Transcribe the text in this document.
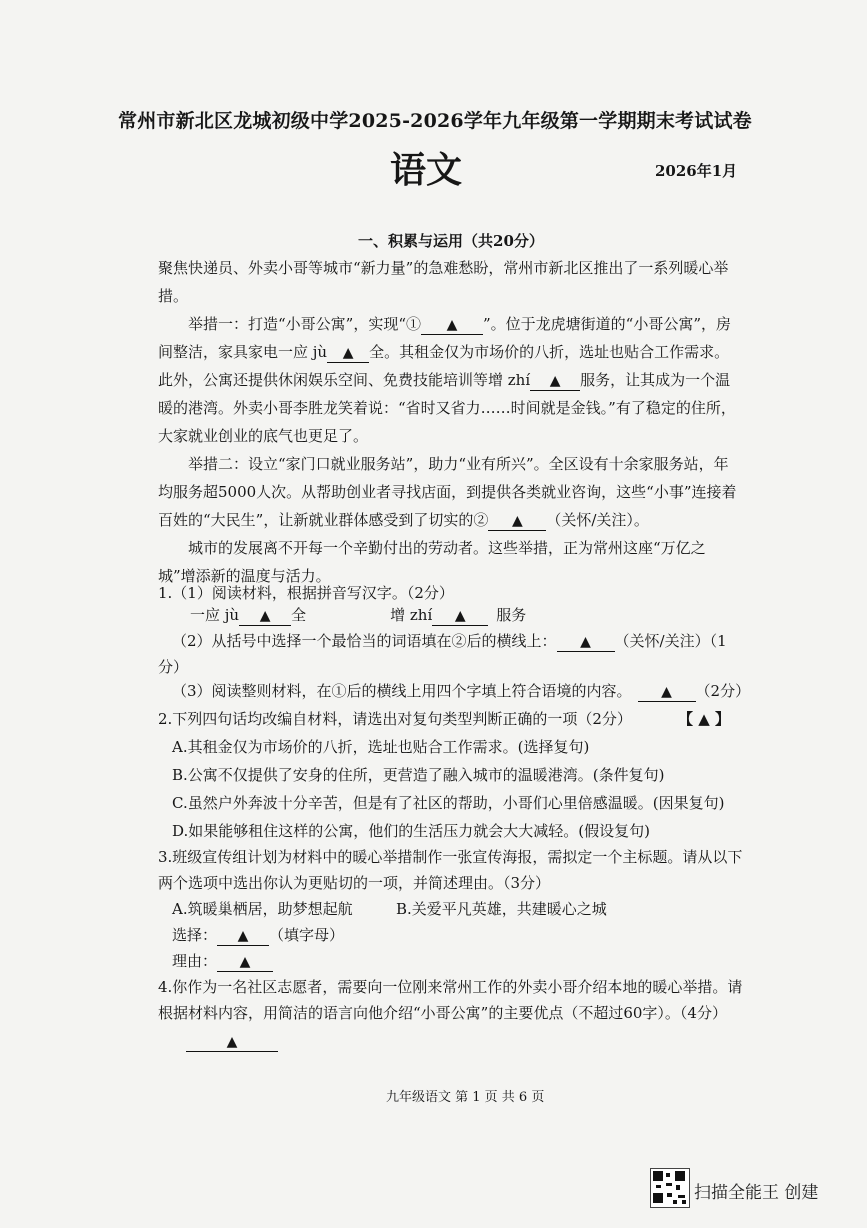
常州市新北区龙城初级中学2025-2026学年九年级第一学期期末考试试卷
语文	2026年1月
一、积累与运用（共20分）
聚焦快递员、外卖小哥等城市“新力量”的急难愁盼，常州市新北区推出了一系列暖心举措。
举措一：打造“小哥公寓”，实现“① ▲ ”。位于龙虎塘街道的“小哥公寓”，房间整洁，家具家电一应 jù ▲ 全。其租金仅为市场价的八折，选址也贴合工作需求。此外，公寓还提供休闲娱乐空间、免费技能培训等增 zhí ▲ 服务，让其成为一个温暖的港湾。外卖小哥李胜龙笑着说：“省时又省力……时间就是金钱。”有了稳定的住所，大家就业创业的底气也更足了。
举措二：设立“家门口就业服务站”，助力“业有所兴”。全区设有十余家服务站，年均服务超5000人次。从帮助创业者寻找店面，到提供各类就业咨询，这些“小事”连接着百姓的“大民生”，让新就业群体感受到了切实的② ▲ （关怀/关注）。
城市的发展离不开每一个辛勤付出的劳动者。这些举措，正为常州这座“万亿之城”增添新的温度与活力。
1.（1）阅读材料，根据拼音写汉字。（2分）
一应 jù ▲ 全	增 zhí ▲ 服务
（2）从括号中选择一个最恰当的词语填在②后的横线上： ▲ （关怀/关注）（1
分）
（3）阅读整则材料，在①后的横线上用四个字填上符合语境的内容。 ▲ （2分）
2.下列四句话均改编自材料，请选出对复句类型判断正确的一项（2分）	【 ▲ 】
A.其租金仅为市场价的八折，选址也贴合工作需求。(选择复句)
B.公寓不仅提供了安身的住所，更营造了融入城市的温暖港湾。(条件复句)
C.虽然户外奔波十分辛苦，但是有了社区的帮助，小哥们心里倍感温暖。(因果复句)
D.如果能够租住这样的公寓，他们的生活压力就会大大减轻。(假设复句)
3.班级宣传组计划为材料中的暖心举措制作一张宣传海报，需拟定一个主标题。请从以下
两个选项中选出你认为更贴切的一项，并简述理由。（3分）
A.筑暖巢栖居，助梦想起航	B.关爱平凡英雄，共建暖心之城
选择： ▲ （填字母）
理由： ▲
4.你作为一名社区志愿者，需要向一位刚来常州工作的外卖小哥介绍本地的暖心举措。请
根据材料内容，用简洁的语言向他介绍“小哥公寓”的主要优点（不超过60字）。（4分）
▲
九年级语文 第 1 页 共 6 页
扫描全能王 创建
